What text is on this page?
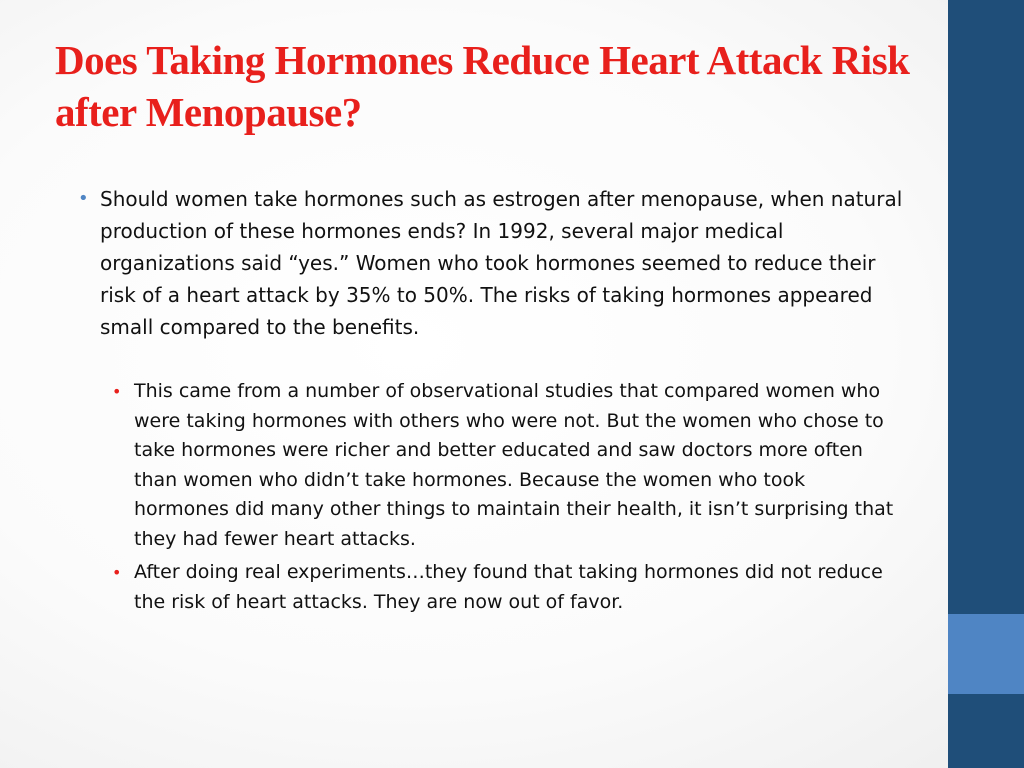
Does Taking Hormones Reduce Heart Attack Risk after Menopause?
• Should women take hormones such as estrogen after menopause, when natural production of these hormones ends? In 1992, several major medical organizations said “yes.” Women who took hormones seemed to reduce their risk of a heart attack by 35% to 50%. The risks of taking hormones appeared small compared to the benefits.
• This came from a number of observational studies that compared women who were taking hormones with others who were not. But the women who chose to take hormones were richer and better educated and saw doctors more often than women who didn’t take hormones. Because the women who took hormones did many other things to maintain their health, it isn’t surprising that they had fewer heart attacks.
• After doing real experiments…they found that taking hormones did not reduce the risk of heart attacks. They are now out of favor.
